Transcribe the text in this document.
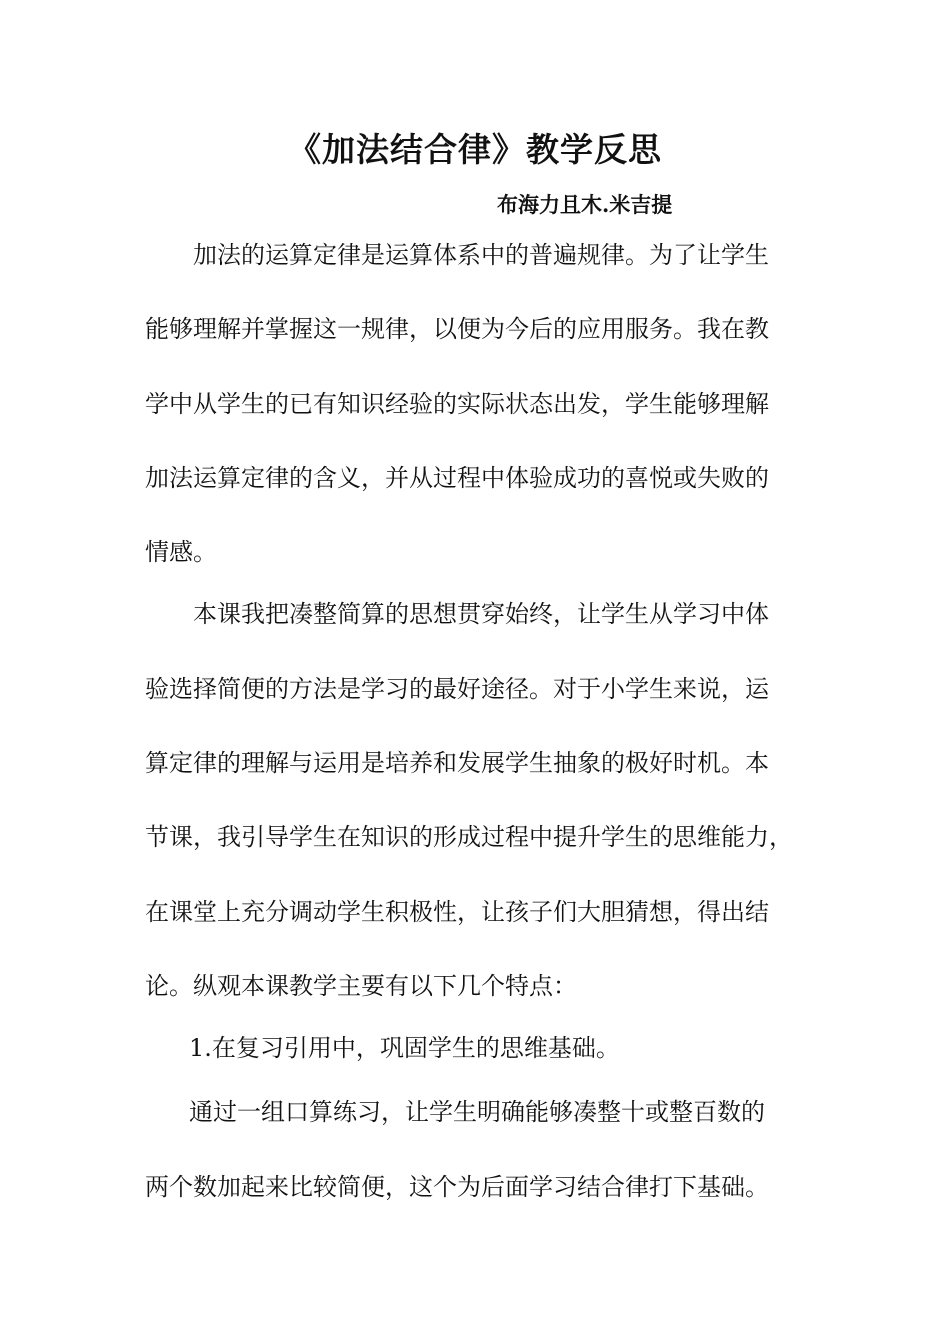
《加法结合律》教学反思
布海力且木.米吉提
加法的运算定律是运算体系中的普遍规律。为了让学生
能够理解并掌握这一规律，以便为今后的应用服务。我在教
学中从学生的已有知识经验的实际状态出发，学生能够理解
加法运算定律的含义，并从过程中体验成功的喜悦或失败的
情感。
本课我把凑整简算的思想贯穿始终，让学生从学习中体
验选择简便的方法是学习的最好途径。对于小学生来说，运
算定律的理解与运用是培养和发展学生抽象的极好时机。本
节课，我引导学生在知识的形成过程中提升学生的思维能力，
在课堂上充分调动学生积极性，让孩子们大胆猜想，得出结
论。纵观本课教学主要有以下几个特点：
1.在复习引用中，巩固学生的思维基础。
通过一组口算练习，让学生明确能够凑整十或整百数的
两个数加起来比较简便，这个为后面学习结合律打下基础。
